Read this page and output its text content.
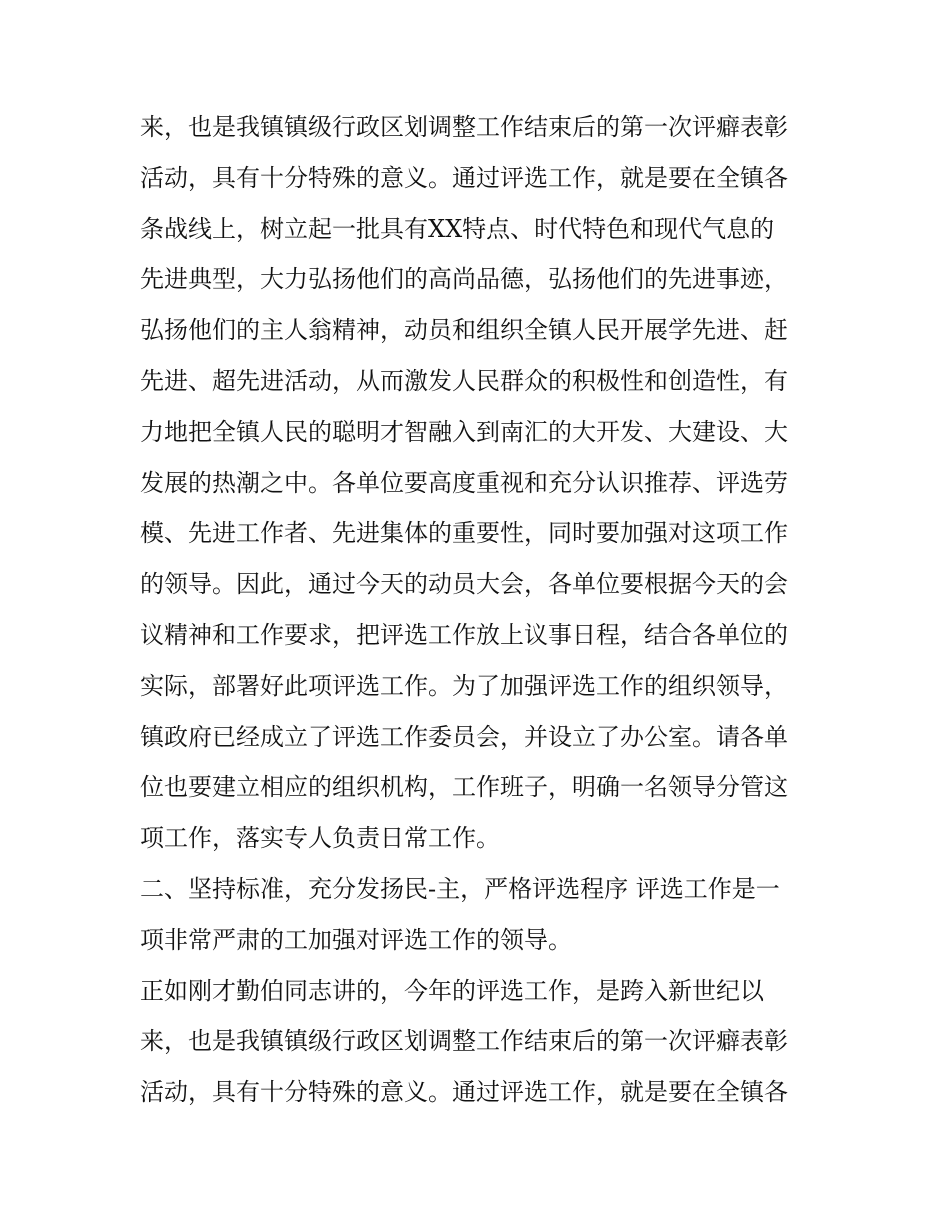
来，也是我镇镇级行政区划调整工作结束后的第一次评癖表彰
活动，具有十分特殊的意义。通过评选工作，就是要在全镇各
条战线上，树立起一批具有XX特点、时代特色和现代气息的
先进典型，大力弘扬他们的高尚品德，弘扬他们的先进事迹，
弘扬他们的主人翁精神，动员和组织全镇人民开展学先进、赶
先进、超先进活动，从而激发人民群众的积极性和创造性，有
力地把全镇人民的聪明才智融入到南汇的大开发、大建设、大
发展的热潮之中。各单位要高度重视和充分认识推荐、评选劳
模、先进工作者、先进集体的重要性，同时要加强对这项工作
的领导。因此，通过今天的动员大会，各单位要根据今天的会
议精神和工作要求，把评选工作放上议事日程，结合各单位的
实际，部署好此项评选工作。为了加强评选工作的组织领导，
镇政府已经成立了评选工作委员会，并设立了办公室。请各单
位也要建立相应的组织机构，工作班子，明确一名领导分管这
项工作，落实专人负责日常工作。
二、坚持标准，充分发扬民-主，严格评选程序 评选工作是一
项非常严肃的工加强对评选工作的领导。
正如刚才勤伯同志讲的，今年的评选工作，是跨入新世纪以
来，也是我镇镇级行政区划调整工作结束后的第一次评癖表彰
活动，具有十分特殊的意义。通过评选工作，就是要在全镇各
